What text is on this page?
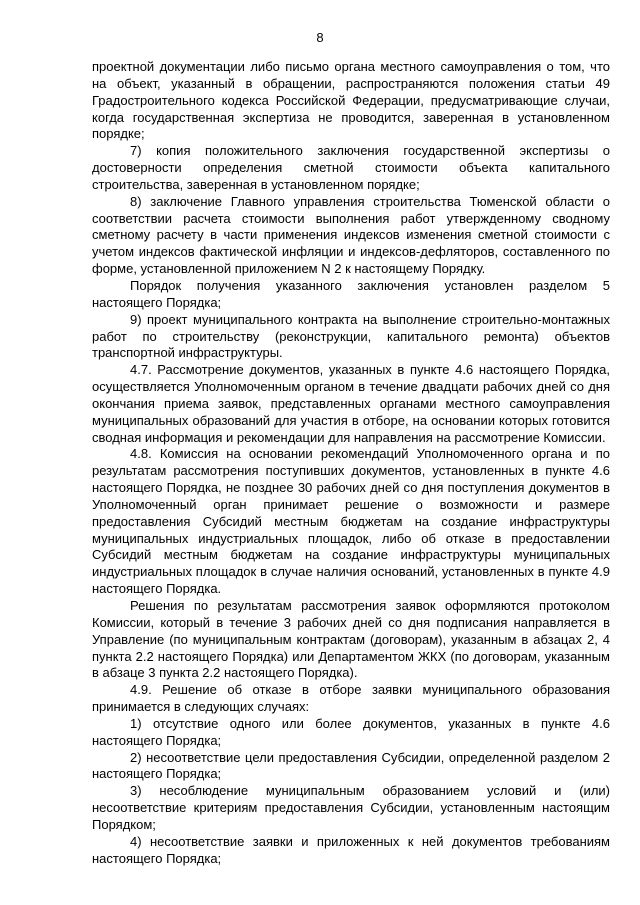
8

проектной документации либо письмо органа местного самоуправления о том, что на объект, указанный в обращении, распространяются положения статьи 49 Градостроительного кодекса Российской Федерации, предусматривающие случаи, когда государственная экспертиза не проводится, заверенная в установленном порядке;

7) копия положительного заключения государственной экспертизы о достоверности определения сметной стоимости объекта капитального строительства, заверенная в установленном порядке;

8) заключение Главного управления строительства Тюменской области о соответствии расчета стоимости выполнения работ утвержденному сводному сметному расчету в части применения индексов изменения сметной стоимости с учетом индексов фактической инфляции и индексов-дефляторов, составленного по форме, установленной приложением N 2 к настоящему Порядку.

Порядок получения указанного заключения установлен разделом 5 настоящего Порядка;

9) проект муниципального контракта на выполнение строительно-монтажных работ по строительству (реконструкции, капитального ремонта) объектов транспортной инфраструктуры.

4.7. Рассмотрение документов, указанных в пункте 4.6 настоящего Порядка, осуществляется Уполномоченным органом в течение двадцати рабочих дней со дня окончания приема заявок, представленных органами местного самоуправления муниципальных образований для участия в отборе, на основании которых готовится сводная информация и рекомендации для направления на рассмотрение Комиссии.

4.8. Комиссия на основании рекомендаций Уполномоченного органа и по результатам рассмотрения поступивших документов, установленных в пункте 4.6 настоящего Порядка, не позднее 30 рабочих дней со дня поступления документов в Уполномоченный орган принимает решение о возможности и размере предоставления Субсидий местным бюджетам на создание инфраструктуры муниципальных индустриальных площадок, либо об отказе в предоставлении Субсидий местным бюджетам на создание инфраструктуры муниципальных индустриальных площадок в случае наличия оснований, установленных в пункте 4.9 настоящего Порядка.

Решения по результатам рассмотрения заявок оформляются протоколом Комиссии, который в течение 3 рабочих дней со дня подписания направляется в Управление (по муниципальным контрактам (договорам), указанным в абзацах 2, 4 пункта 2.2 настоящего Порядка) или Департаментом ЖКХ (по договорам, указанным в абзаце 3 пункта 2.2 настоящего Порядка).

4.9. Решение об отказе в отборе заявки муниципального образования принимается в следующих случаях:

1) отсутствие одного или более документов, указанных в пункте 4.6 настоящего Порядка;

2) несоответствие цели предоставления Субсидии, определенной разделом 2 настоящего Порядка;

3) несоблюдение муниципальным образованием условий и (или) несоответствие критериям предоставления Субсидии, установленным настоящим Порядком;

4) несоответствие заявки и приложенных к ней документов требованиям настоящего Порядка;
